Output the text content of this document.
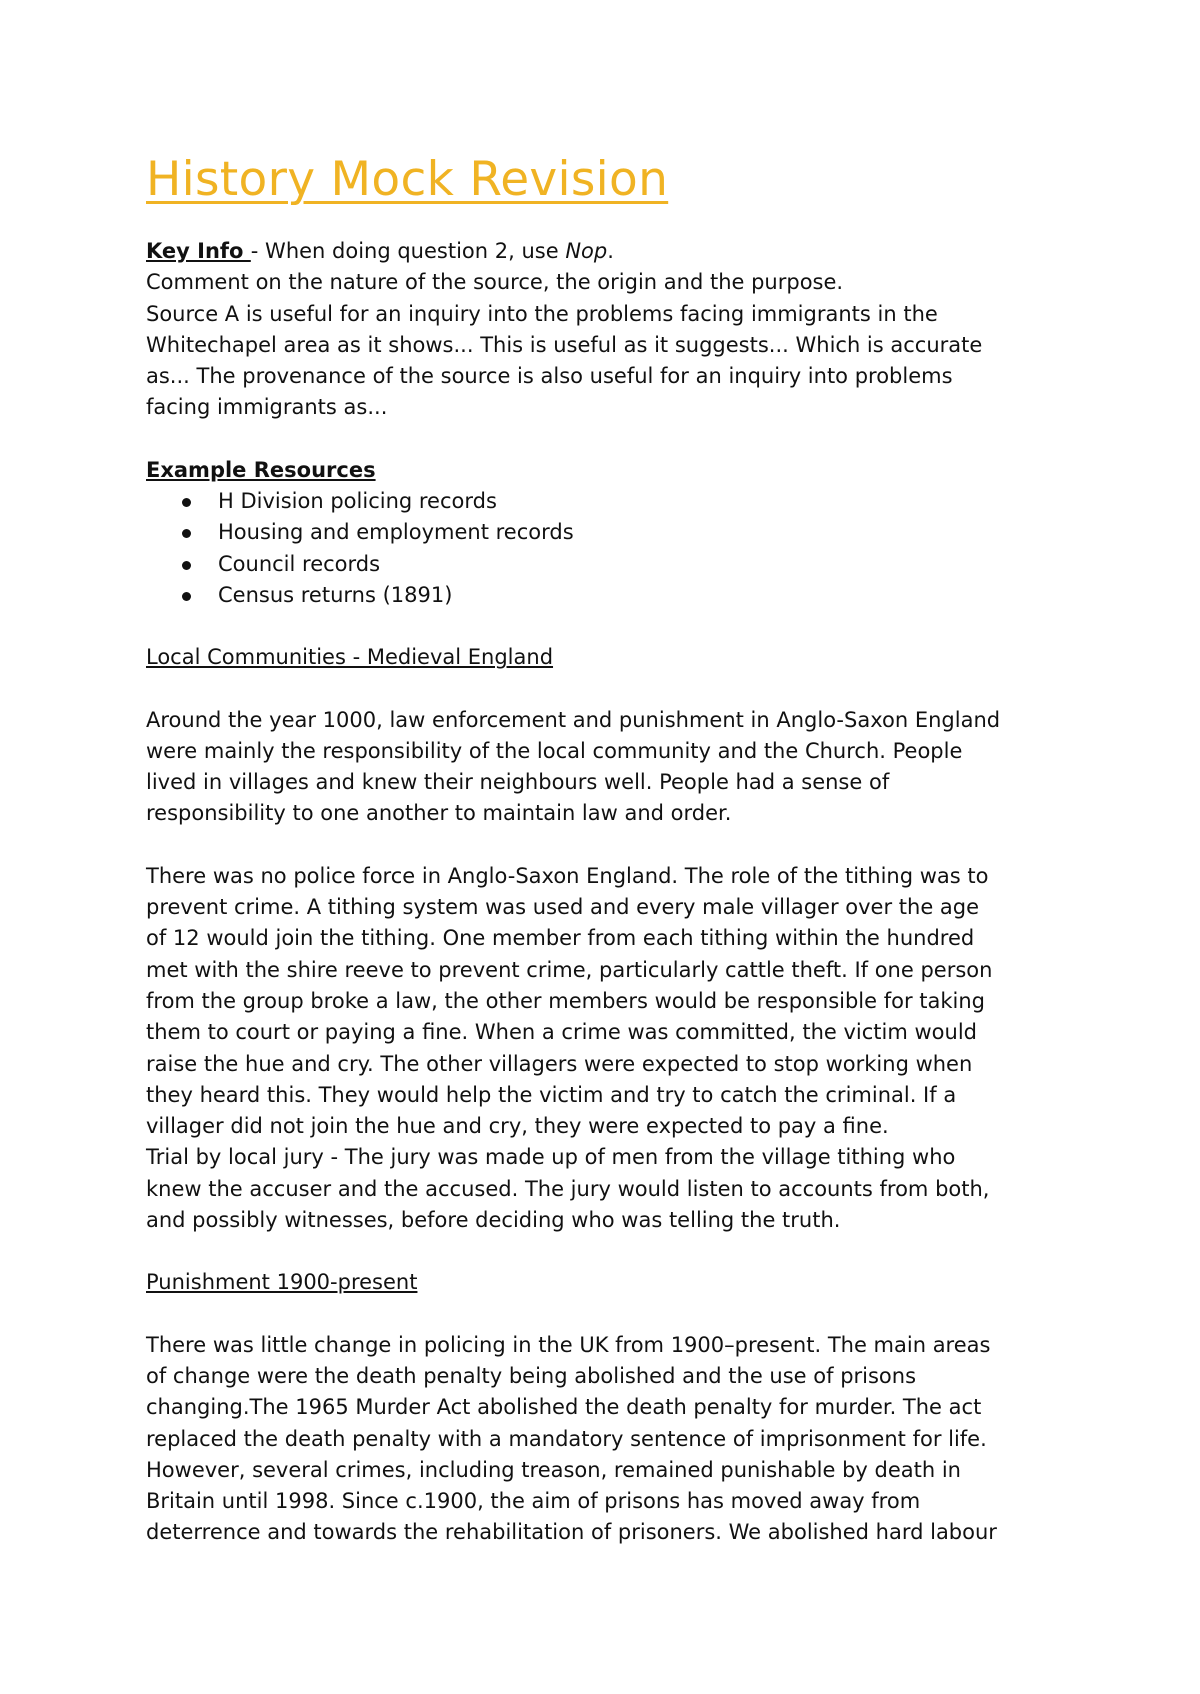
History Mock Revision

Key Info - When doing question 2, use Nop.

Comment on the nature of the source, the origin and the purpose.

Source A is useful for an inquiry into the problems facing immigrants in the

Whitechapel area as it shows... This is useful as it suggests... Which is accurate

as... The provenance of the source is also useful for an inquiry into problems

facing immigrants as...

Example Resources

H Division policing records
Housing and employment records
Council records
Census returns (1891)

Local Communities - Medieval England

Around the year 1000, law enforcement and punishment in Anglo-Saxon England

were mainly the responsibility of the local community and the Church. People

lived in villages and knew their neighbours well. People had a sense of

responsibility to one another to maintain law and order.

There was no police force in Anglo-Saxon England. The role of the tithing was to

prevent crime. A tithing system was used and every male villager over the age

of 12 would join the tithing. One member from each tithing within the hundred

met with the shire reeve to prevent crime, particularly cattle theft. If one person

from the group broke a law, the other members would be responsible for taking

them to court or paying a fine. When a crime was committed, the victim would

raise the hue and cry. The other villagers were expected to stop working when

they heard this. They would help the victim and try to catch the criminal. If a

villager did not join the hue and cry, they were expected to pay a fine.

Trial by local jury - The jury was made up of men from the village tithing who

knew the accuser and the accused. The jury would listen to accounts from both,

and possibly witnesses, before deciding who was telling the truth.

Punishment 1900-present

There was little change in policing in the UK from 1900–present. The main areas

of change were the death penalty being abolished and the use of prisons

changing.The 1965 Murder Act abolished the death penalty for murder. The act

replaced the death penalty with a mandatory sentence of imprisonment for life.

However, several crimes, including treason, remained punishable by death in

Britain until 1998. Since c.1900, the aim of prisons has moved away from

deterrence and towards the rehabilitation of prisoners. We abolished hard labour
